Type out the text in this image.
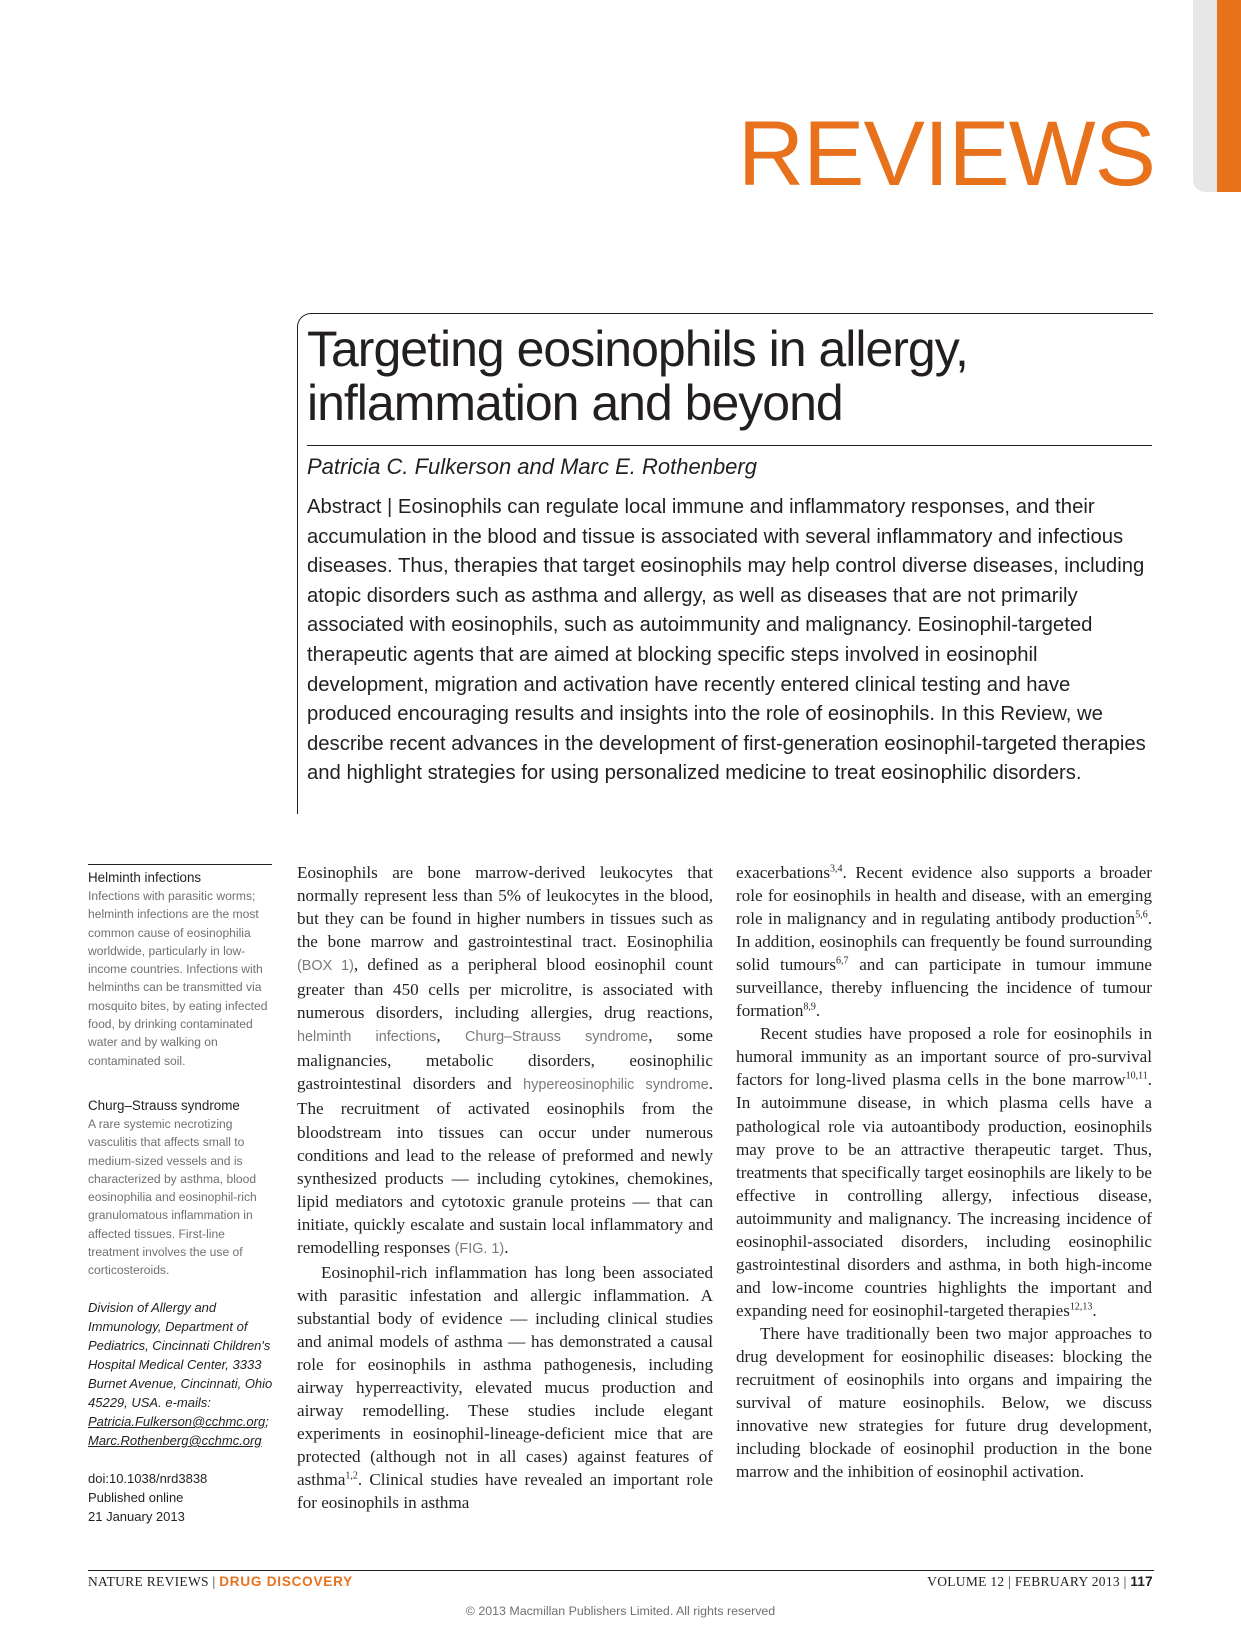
REVIEWS
Targeting eosinophils in allergy,
inflammation and beyond

Patricia C. Fulkerson and Marc E. Rothenberg

Abstract | Eosinophils can regulate local immune and inflammatory responses, and their accumulation in the blood and tissue is associated with several inflammatory and infectious diseases. Thus, therapies that target eosinophils may help control diverse diseases, including atopic disorders such as asthma and allergy, as well as diseases that are not primarily associated with eosinophils, such as autoimmunity and malignancy. Eosinophil-targeted therapeutic agents that are aimed at blocking specific steps involved in eosinophil development, migration and activation have recently entered clinical testing and have produced encouraging results and insights into the role of eosinophils. In this Review, we describe recent advances in the development of first-generation eosinophil-targeted therapies and highlight strategies for using personalized medicine to treat eosinophilic disorders.

Helminth infections

Infections with parasitic worms; helminth infections are the most common cause of eosinophilia worldwide, particularly in low-income countries. Infections with helminths can be transmitted via mosquito bites, by eating infected food, by drinking contaminated water and by walking on contaminated soil.

Churg–Strauss syndrome

A rare systemic necrotizing vasculitis that affects small to medium-sized vessels and is characterized by asthma, blood eosinophilia and eosinophil-rich granulomatous inflammation in affected tissues. First-line treatment involves the use of corticosteroids.

Division of Allergy and Immunology, Department of Pediatrics, Cincinnati Children's Hospital Medical Center, 3333 Burnet Avenue, Cincinnati, Ohio 45229, USA. e-mails: Patricia.Fulkerson@cchmc.org; Marc.Rothenberg@cchmc.org

doi:10.1038/nrd3838
Published online
21 January 2013

Eosinophils are bone marrow-derived leukocytes that normally represent less than 5% of leukocytes in the blood, but they can be found in higher numbers in tissues such as the bone marrow and gastrointestinal tract. Eosinophilia (BOX 1), defined as a peripheral blood eosinophil count greater than 450 cells per microlitre, is associated with numerous disorders, including allergies, drug reactions, helminth infections, Churg–Strauss syndrome, some malignancies, metabolic disorders, eosinophilic gastrointestinal disorders and hypereosinophilic syndrome. The recruitment of activated eosinophils from the bloodstream into tissues can occur under numerous conditions and lead to the release of preformed and newly synthesized products — including cytokines, chemokines, lipid mediators and cytotoxic granule proteins — that can initiate, quickly escalate and sustain local inflammatory and remodelling responses (FIG. 1).

Eosinophil-rich inflammation has long been associated with parasitic infestation and allergic inflammation. A substantial body of evidence — including clinical studies and animal models of asthma — has demonstrated a causal role for eosinophils in asthma pathogenesis, including airway hyperreactivity, elevated mucus production and airway remodelling. These studies include elegant experiments in eosinophil-lineage-deficient mice that are protected (although not in all cases) against features of asthma$^{1,2}$. Clinical studies have revealed an important role for eosinophils in asthma

exacerbations$^{3,4}$. Recent evidence also supports a broader role for eosinophils in health and disease, with an emerging role in malignancy and in regulating antibody production$^{5,6}$. In addition, eosinophils can frequently be found surrounding solid tumours$^{6,7}$ and can participate in tumour immune surveillance, thereby influencing the incidence of tumour formation$^{8,9}$.

Recent studies have proposed a role for eosinophils in humoral immunity as an important source of pro-survival factors for long-lived plasma cells in the bone marrow$^{10,11}$. In autoimmune disease, in which plasma cells have a pathological role via autoantibody production, eosinophils may prove to be an attractive therapeutic target. Thus, treatments that specifically target eosinophils are likely to be effective in controlling allergy, infectious disease, autoimmunity and malignancy. The increasing incidence of eosinophil-associated disorders, including eosinophilic gastrointestinal disorders and asthma, in both high-income and low-income countries highlights the important and expanding need for eosinophil-targeted therapies$^{12,13}$.

There have traditionally been two major approaches to drug development for eosinophilic diseases: blocking the recruitment of eosinophils into organs and impairing the survival of mature eosinophils. Below, we discuss innovative new strategies for future drug development, including blockade of eosinophil production in the bone marrow and the inhibition of eosinophil activation.

NATURE REVIEWS | DRUG DISCOVERY	VOLUME 12 | FEBRUARY 2013 | 117

© 2013 Macmillan Publishers Limited. All rights reserved
